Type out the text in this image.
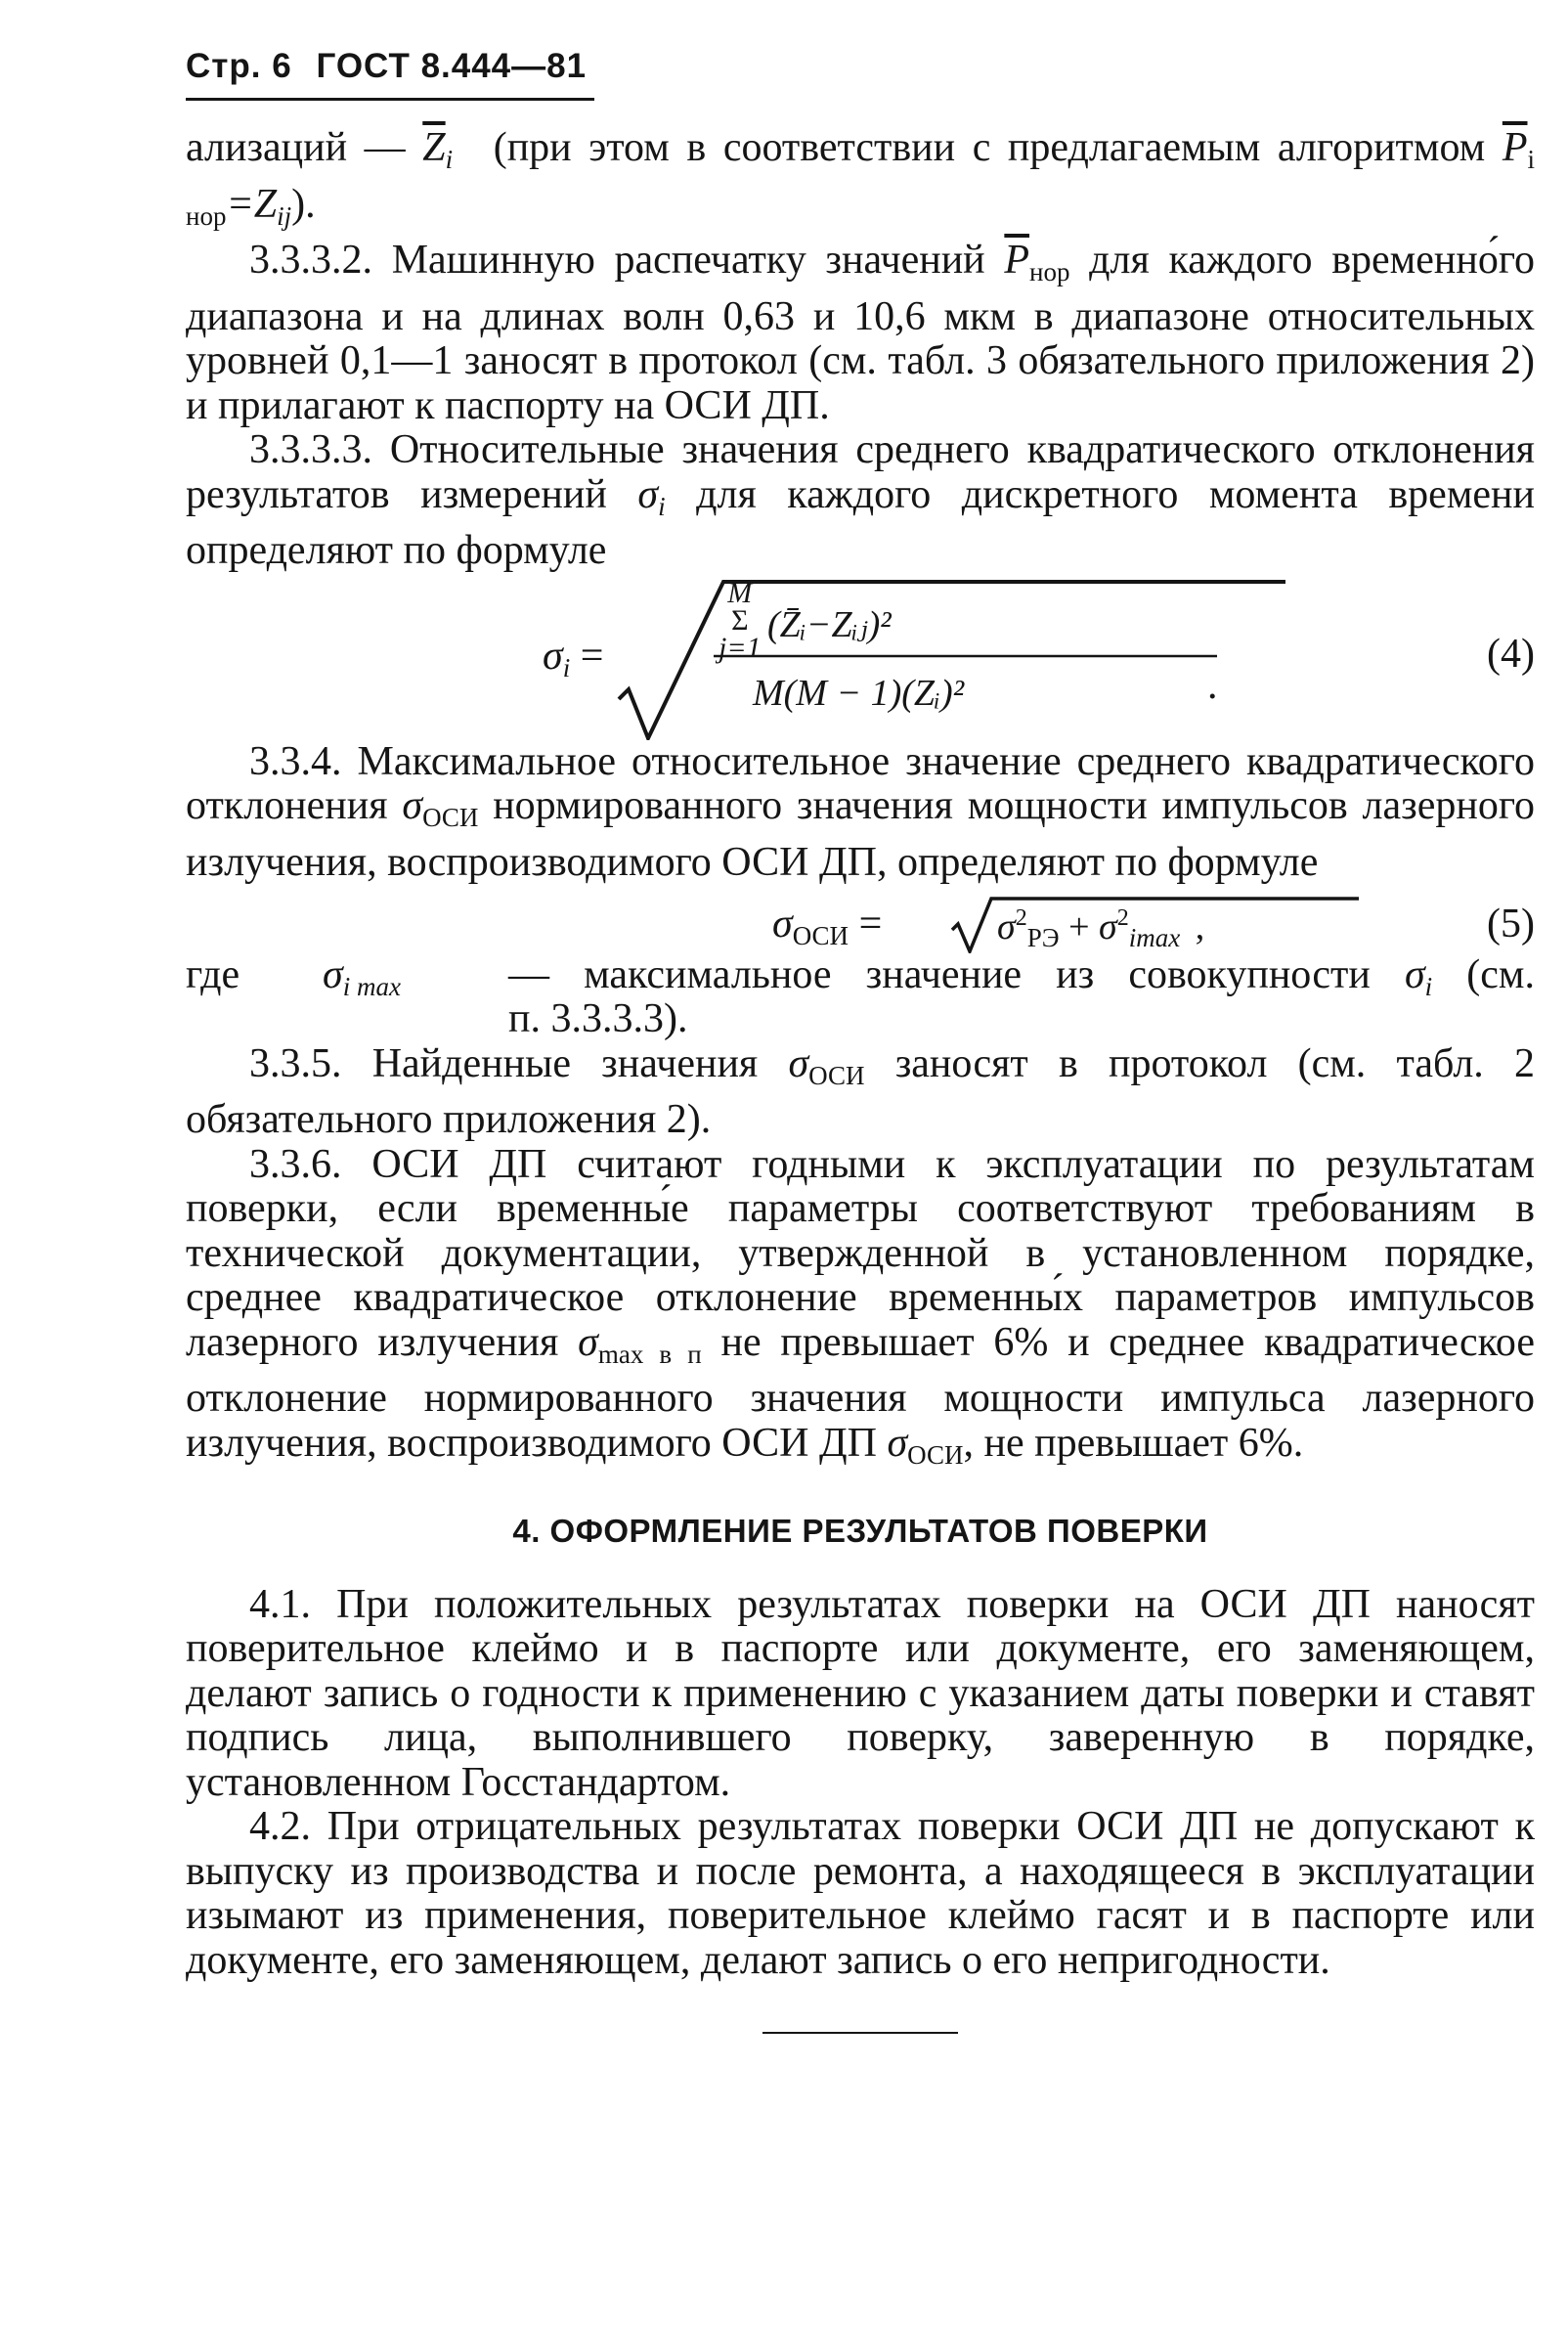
Стр. 6 ГОСТ 8.444—81

ализаций — $\overline{Z}_i$ (при этом в соответствии с предлагаемым алгоритмом $\overline{P}_{i нор}=Z_{ij}$).

3.3.3.2. Машинную распечатку значений $\overline{P}_{нор}$ для каждого временно́го диапазона и на длинах волн 0,63 и 10,6 мкм в диапазоне относительных уровней 0,1—1 заносят в протокол (см. табл. 3 обязательного приложения 2) и прилагают к паспорту на ОСИ ДП.

3.3.3.3. Относительные значения среднего квадратического отклонения результатов измерений $\sigma_i$ для каждого дискретного момента времени определяют по формуле

$\sigma_i$ =
M
Σ
j=1
(Z̄ᵢ−Zᵢⱼ)²
M(M − 1)(Zᵢ)²	.
(4)

3.3.4. Максимальное относительное значение среднего квадратического отклонения $\sigma_{ОСИ}$ нормированного значения мощности импульсов лазерного излучения, воспроизводимого ОСИ ДП, определяют по формуле

$\sigma_{ОСИ}$ =	$\sigma^2_{РЭ} + \sigma^2_{imax}$ ,	(5)
где $\sigma_{i max}$	— максимальное значение из совокупности $\sigma_i$ (см.

п. 3.3.3.3).

3.3.5. Найденные значения $\sigma_{ОСИ}$ заносят в протокол (см. табл. 2 обязательного приложения 2).

3.3.6. ОСИ ДП считают годными к эксплуатации по результатам поверки, если временны́е параметры соответствуют требованиям в технической документации, утвержденной в установленном порядке, среднее квадратическое отклонение временны́х параметров импульсов лазерного излучения $\sigma_{max в п}$ не превышает 6% и среднее квадратическое отклонение нормированного значения мощности импульса лазерного излучения, воспроизводимого ОСИ ДП $\sigma_{ОСИ}$, не превышает 6%.

4. ОФОРМЛЕНИЕ РЕЗУЛЬТАТОВ ПОВЕРКИ

4.1. При положительных результатах поверки на ОСИ ДП наносят поверительное клеймо и в паспорте или документе, его заменяющем, делают запись о годности к применению с указанием даты поверки и ставят подпись лица, выполнившего поверку, заверенную в порядке, установленном Госстандартом.

4.2. При отрицательных результатах поверки ОСИ ДП не допускают к выпуску из производства и после ремонта, а находящееся в эксплуатации изымают из применения, поверительное клеймо гасят и в паспорте или документе, его заменяющем, делают запись о его непригодности.
